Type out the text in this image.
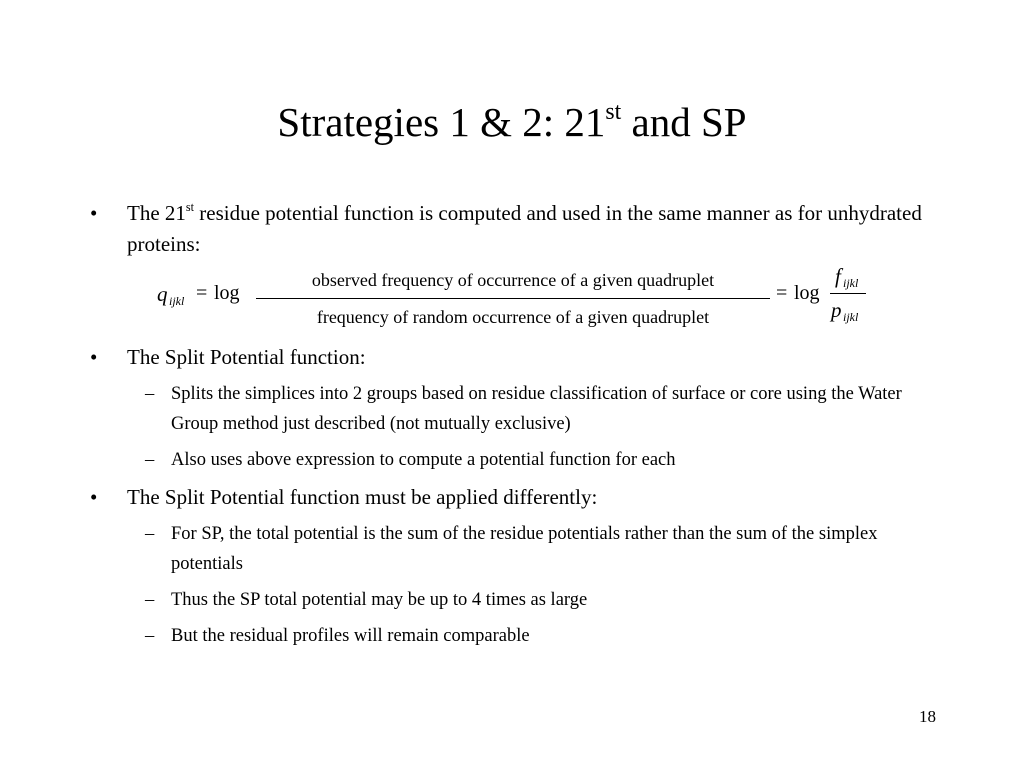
Strategies 1 & 2: 21st and SP
• The 21st residue potential function is computed and used in the same manner as for unhydrated proteins:
q ijkl = log
observed frequency of occurrence of a given quadruplet
frequency of random occurrence of a given quadruplet
= log
f ijkl
p ijkl
• The Split Potential function:
– Splits the simplices into 2 groups based on residue classification of surface or core using the Water Group method just described (not mutually exclusive)
– Also uses above expression to compute a potential function for each
• The Split Potential function must be applied differently:
– For SP, the total potential is the sum of the residue potentials rather than the sum of the simplex potentials
– Thus the SP total potential may be up to 4 times as large
– But the residual profiles will remain comparable
18
